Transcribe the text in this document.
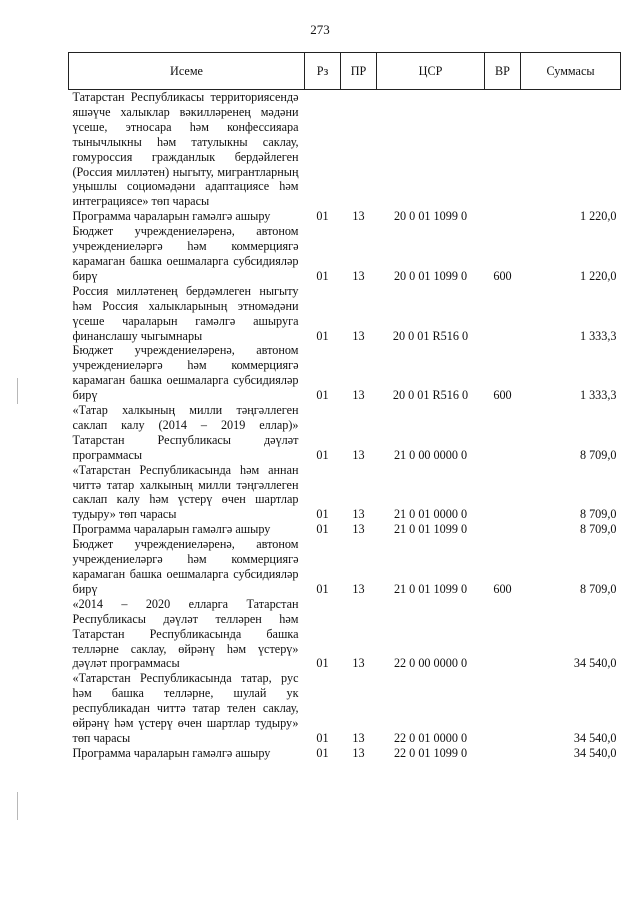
273
Исеме	Рз	ПР	ЦСР	ВР	Суммасы
Татарстан Республикасы территориясендә яшәүче халыклар вәкилләренең мәдәни үсеше, этносара һәм конфессияара тынычлыкны һәм татулыкны саклау, гомуроссия гражданлык бердәйлеген (Россия милләтен) ныгыту, мигрантларның уңышлы социомәдәни адаптациясе һәм интеграциясе» төп чарасы					
Программа чараларын гамәлгә ашыру	01	13	20 0 01 1099 0		1 220,0
Бюджет учреждениеләренә, автоном учреждениеләргә һәм коммерциягә карамаган башка оешмаларга субсидияләр бирү	01	13	20 0 01 1099 0	600	1 220,0
Россия милләтенең бердәмлеген ныгыту һәм Россия халыкларының этномәдәни үсеше чараларын гамәлгә ашыруга финанслашу чыгымнары	01	13	20 0 01 R516 0		1 333,3
Бюджет учреждениеләренә, автоном учреждениеләргә һәм коммерциягә карамаган башка оешмаларга субсидияләр бирү	01	13	20 0 01 R516 0	600	1 333,3
«Татар халкының милли тәңгәллеген саклап калу (2014 – 2019 еллар)» Татарстан Республикасы дәүләт программасы	01	13	21 0 00 0000 0		8 709,0
«Татарстан Республикасында һәм аннан читтә татар халкының милли тәңгәллеген саклап калу һәм үстерү өчен шартлар тудыру» төп чарасы	01	13	21 0 01 0000 0		8 709,0
Программа чараларын гамәлгә ашыру	01	13	21 0 01 1099 0		8 709,0
Бюджет учреждениеләренә, автоном учреждениеләргә һәм коммерциягә карамаган башка оешмаларга субсидияләр бирү	01	13	21 0 01 1099 0	600	8 709,0
«2014 – 2020 елларга Татарстан Республикасы дәүләт телләрен һәм Татарстан Республикасында башка телләрне саклау, өйрәнү һәм үстерү» дәүләт программасы	01	13	22 0 00 0000 0		34 540,0
«Татарстан Республикасында татар, рус һәм башка телләрне, шулай ук республикадан читтә татар телен саклау, өйрәнү һәм үстерү өчен шартлар тудыру» төп чарасы	01	13	22 0 01 0000 0		34 540,0
Программа чараларын гамәлгә ашыру	01	13	22 0 01 1099 0		34 540,0
